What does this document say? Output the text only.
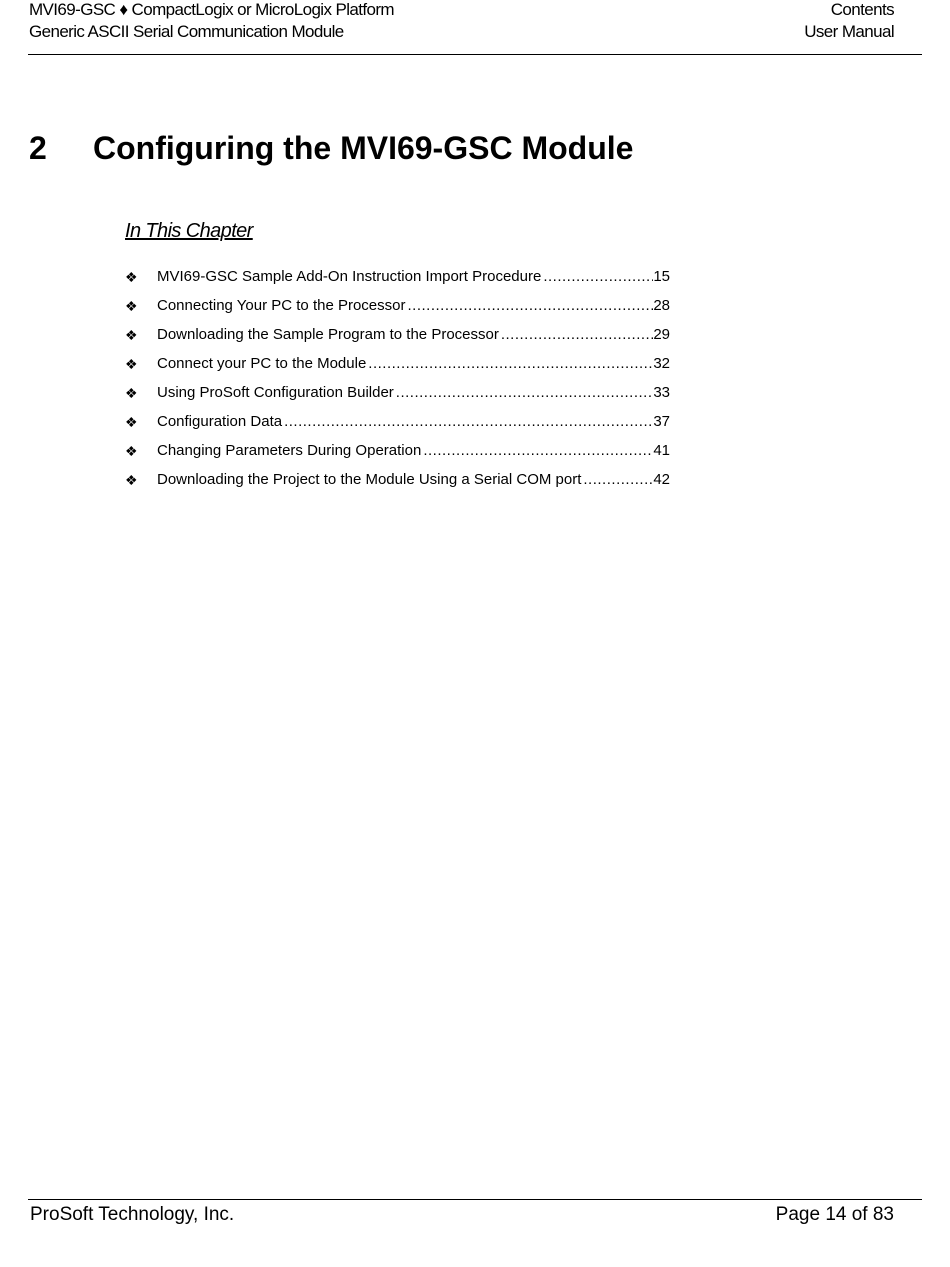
MVI69-GSC ♦ CompactLogix or MicroLogix Platform
Generic ASCII Serial Communication Module
Contents
User Manual
2 Configuring the MVI69-GSC Module
In This Chapter
❖	MVI69-GSC Sample Add-On Instruction Import Procedure .....	15
❖	Connecting Your PC to the Processor .....	28
❖	Downloading the Sample Program to the Processor .....	29
❖	Connect your PC to the Module .....	32
❖	Using ProSoft Configuration Builder .....	33
❖	Configuration Data .....	37
❖	Changing Parameters During Operation .....	41
❖	Downloading the Project to the Module Using a Serial COM port .....	42
ProSoft Technology, Inc.	Page 14 of 83
